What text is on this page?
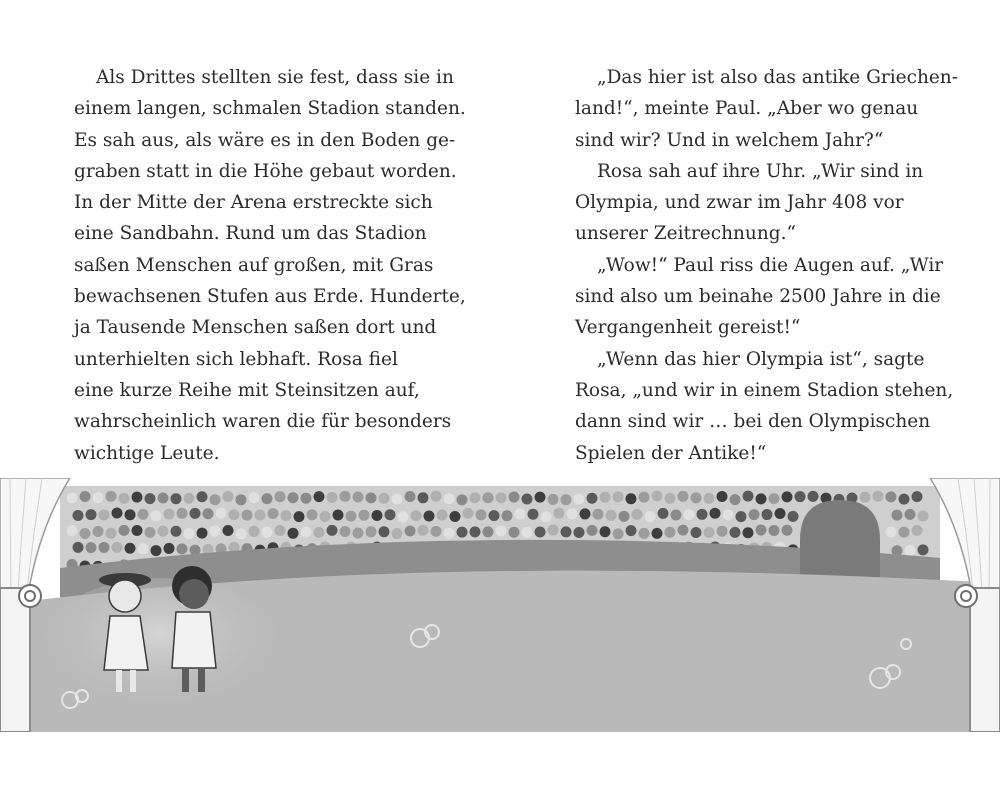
Als Drittes stellten sie fest, dass sie in
einem langen, schmalen Stadion standen.
Es sah aus, als wäre es in den Boden ge-
graben statt in die Höhe gebaut worden.
In der Mitte der Arena erstreckte sich
eine Sandbahn. Rund um das Stadion
saßen Menschen auf großen, mit Gras
bewachsenen Stufen aus Erde. Hunderte,
ja Tausende Menschen saßen dort und
unterhielten sich lebhaft. Rosa fiel
eine kurze Reihe mit Steinsitzen auf,
wahrscheinlich waren die für besonders
wichtige Leute.
„Das hier ist also das antike Griechen-
land!“, meinte Paul. „Aber wo genau
sind wir? Und in welchem Jahr?“
Rosa sah auf ihre Uhr. „Wir sind in
Olympia, und zwar im Jahr 408 vor
unserer Zeitrechnung.“
„Wow!“ Paul riss die Augen auf. „Wir
sind also um beinahe 2500 Jahre in die
Vergangenheit gereist!“
„Wenn das hier Olympia ist“, sagte
Rosa, „und wir in einem Stadion stehen,
dann sind wir … bei den Olympischen
Spielen der Antike!“
